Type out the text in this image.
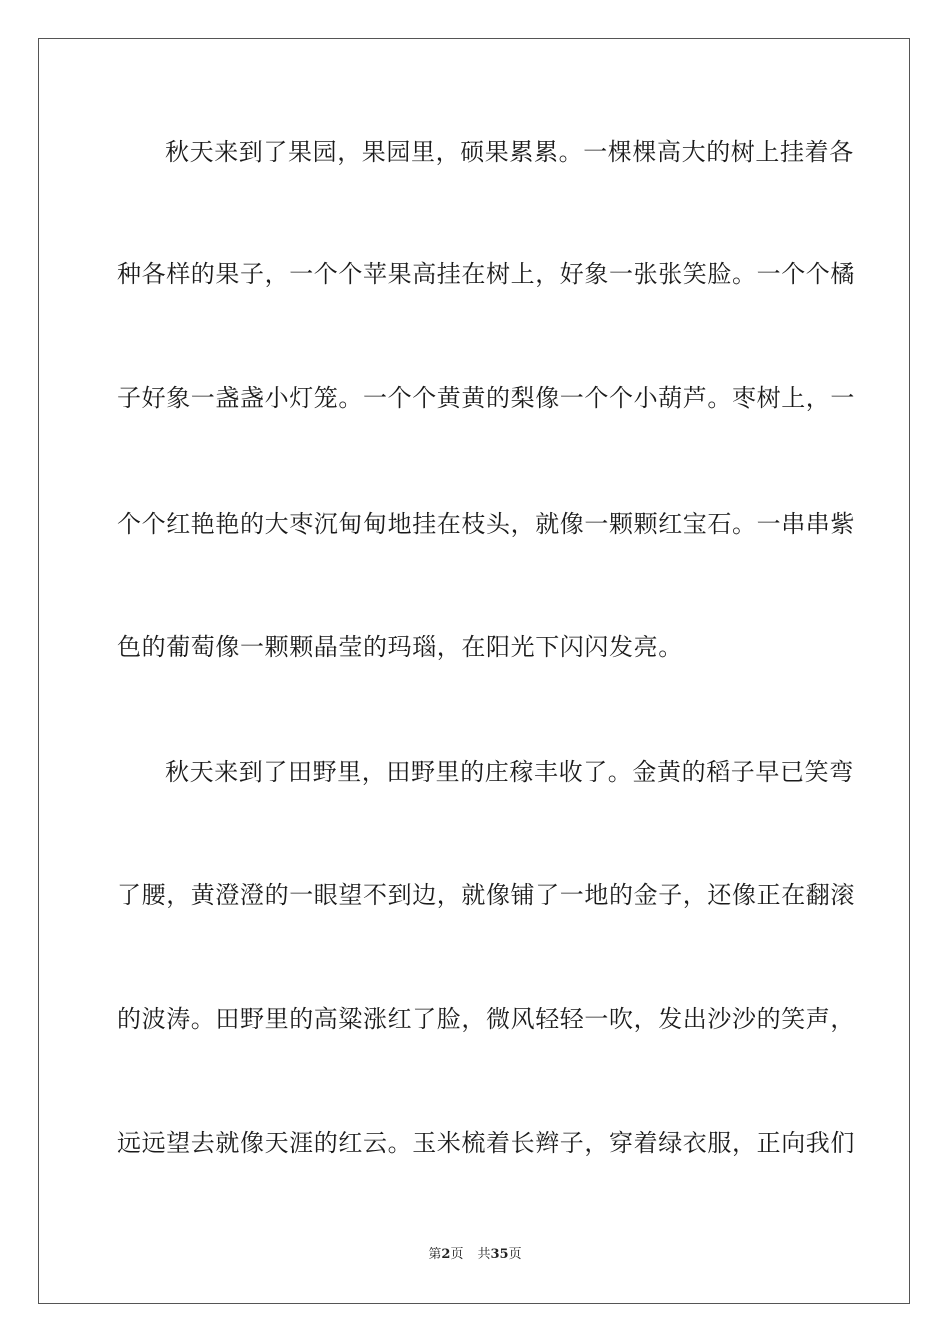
秋天来到了果园，果园里，硕果累累。一棵棵高大的树上挂着各
种各样的果子，一个个苹果高挂在树上，好象一张张笑脸。一个个橘
子好象一盏盏小灯笼。一个个黄黄的梨像一个个小葫芦。枣树上，一
个个红艳艳的大枣沉甸甸地挂在枝头，就像一颗颗红宝石。一串串紫
色的葡萄像一颗颗晶莹的玛瑙，在阳光下闪闪发亮。
秋天来到了田野里，田野里的庄稼丰收了。金黄的稻子早已笑弯
了腰，黄澄澄的一眼望不到边，就像铺了一地的金子，还像正在翻滚
的波涛。田野里的高粱涨红了脸，微风轻轻一吹，发出沙沙的笑声，
远远望去就像天涯的红云。玉米梳着长辫子，穿着绿衣服，正向我们
第2页 共35页
